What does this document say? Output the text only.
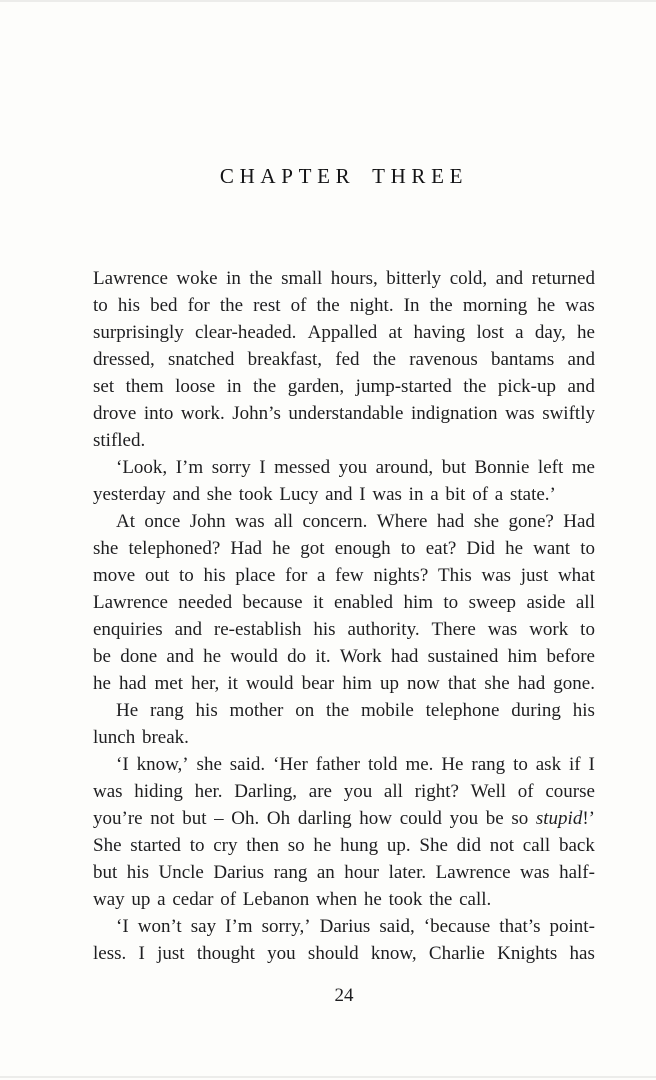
CHAPTER THREE
Lawrence woke in the small hours, bitterly cold, and returned
to his bed for the rest of the night. In the morning he was
surprisingly clear-headed. Appalled at having lost a day, he
dressed, snatched breakfast, fed the ravenous bantams and
set them loose in the garden, jump-started the pick-up and
drove into work. John’s understandable indignation was swiftly
stifled.
‘Look, I’m sorry I messed you around, but Bonnie left me
yesterday and she took Lucy and I was in a bit of a state.’
At once John was all concern. Where had she gone? Had
she telephoned? Had he got enough to eat? Did he want to
move out to his place for a few nights? This was just what
Lawrence needed because it enabled him to sweep aside all
enquiries and re-establish his authority. There was work to
be done and he would do it. Work had sustained him before
he had met her, it would bear him up now that she had gone.
He rang his mother on the mobile telephone during his
lunch break.
‘I know,’ she said. ‘Her father told me. He rang to ask if I
was hiding her. Darling, are you all right? Well of course
you’re not but – Oh. Oh darling how could you be so stupid!’
She started to cry then so he hung up. She did not call back
but his Uncle Darius rang an hour later. Lawrence was half-
way up a cedar of Lebanon when he took the call.
‘I won’t say I’m sorry,’ Darius said, ‘because that’s point-
less. I just thought you should know, Charlie Knights has
24
